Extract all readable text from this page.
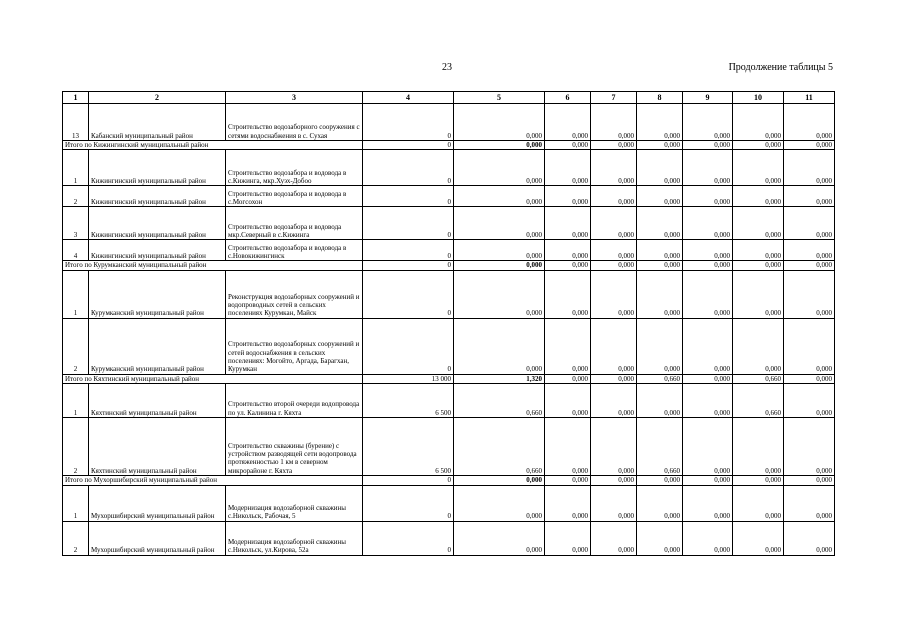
23	Продолжение таблицы 5
1	2	3	4	5	6	7	8	9	10	11
13	Кабанский муниципальный район	Строительство водозаборного сооружения с сетями водоснабжения в с. Сухая	0	0,000	0,000	0,000	0,000	0,000	0,000	0,000
Итого по Кижингинский муниципальный район			0	0,000	0,000	0,000	0,000	0,000	0,000	0,000
1	Кижингинский муниципальный район	Строительство водозабора и водовода в с.Кижинга, мкр.Хуэх-Добоо	0	0,000	0,000	0,000	0,000	0,000	0,000	0,000
2	Кижингинский муниципальный район	Строительство водозабора и водовода в с.Могсохон	0	0,000	0,000	0,000	0,000	0,000	0,000	0,000
3	Кижингинский муниципальный район	Строительство водозабора и водовода мкр.Северный в с.Кижинга	0	0,000	0,000	0,000	0,000	0,000	0,000	0,000
4	Кижингинский муниципальный район	Строительство водозабора и водовода в с.Новокижингинск	0	0,000	0,000	0,000	0,000	0,000	0,000	0,000
Итого по Курумканский муниципальный район			0	0,000	0,000	0,000	0,000	0,000	0,000	0,000
1	Курумканский муниципальный район	Реконструкция водозаборных сооружений и водопроводных сетей в сельских поселениях Курумкан, Майск	0	0,000	0,000	0,000	0,000	0,000	0,000	0,000
2	Курумканский муниципальный район	Строительство водозаборных сооружений и сетей водоснабжения в сельских поселениях: Могойто, Аргада, Барагхан, Курумкан	0	0,000	0,000	0,000	0,000	0,000	0,000	0,000
Итого по Кяхтинский муниципальный район			13 000	1,320	0,000	0,000	0,660	0,000	0,660	0,000
1	Кяхтинский муниципальный район	Строительство второй очереди водопровода по ул. Калинина г. Кяхта	6 500	0,660	0,000	0,000	0,000	0,000	0,660	0,000
2	Кяхтинский муниципальный район	Строительство скважины (бурение) с устройством разводящей сети водопровода протяженностью 1 км в северном микрорайоне г. Кяхта	6 500	0,660	0,000	0,000	0,660	0,000	0,000	0,000
Итого по Мухоршибирский муниципальный район			0	0,000	0,000	0,000	0,000	0,000	0,000	0,000
1	Мухоршибирский муниципальный район	Модернизация водозаборной скважины с.Никольск, Рабочая, 5	0	0,000	0,000	0,000	0,000	0,000	0,000	0,000
2	Мухоршибирский муниципальный район	Модернизация водозаборной скважины с.Никольск, ул.Кирова, 52а	0	0,000	0,000	0,000	0,000	0,000	0,000	0,000
